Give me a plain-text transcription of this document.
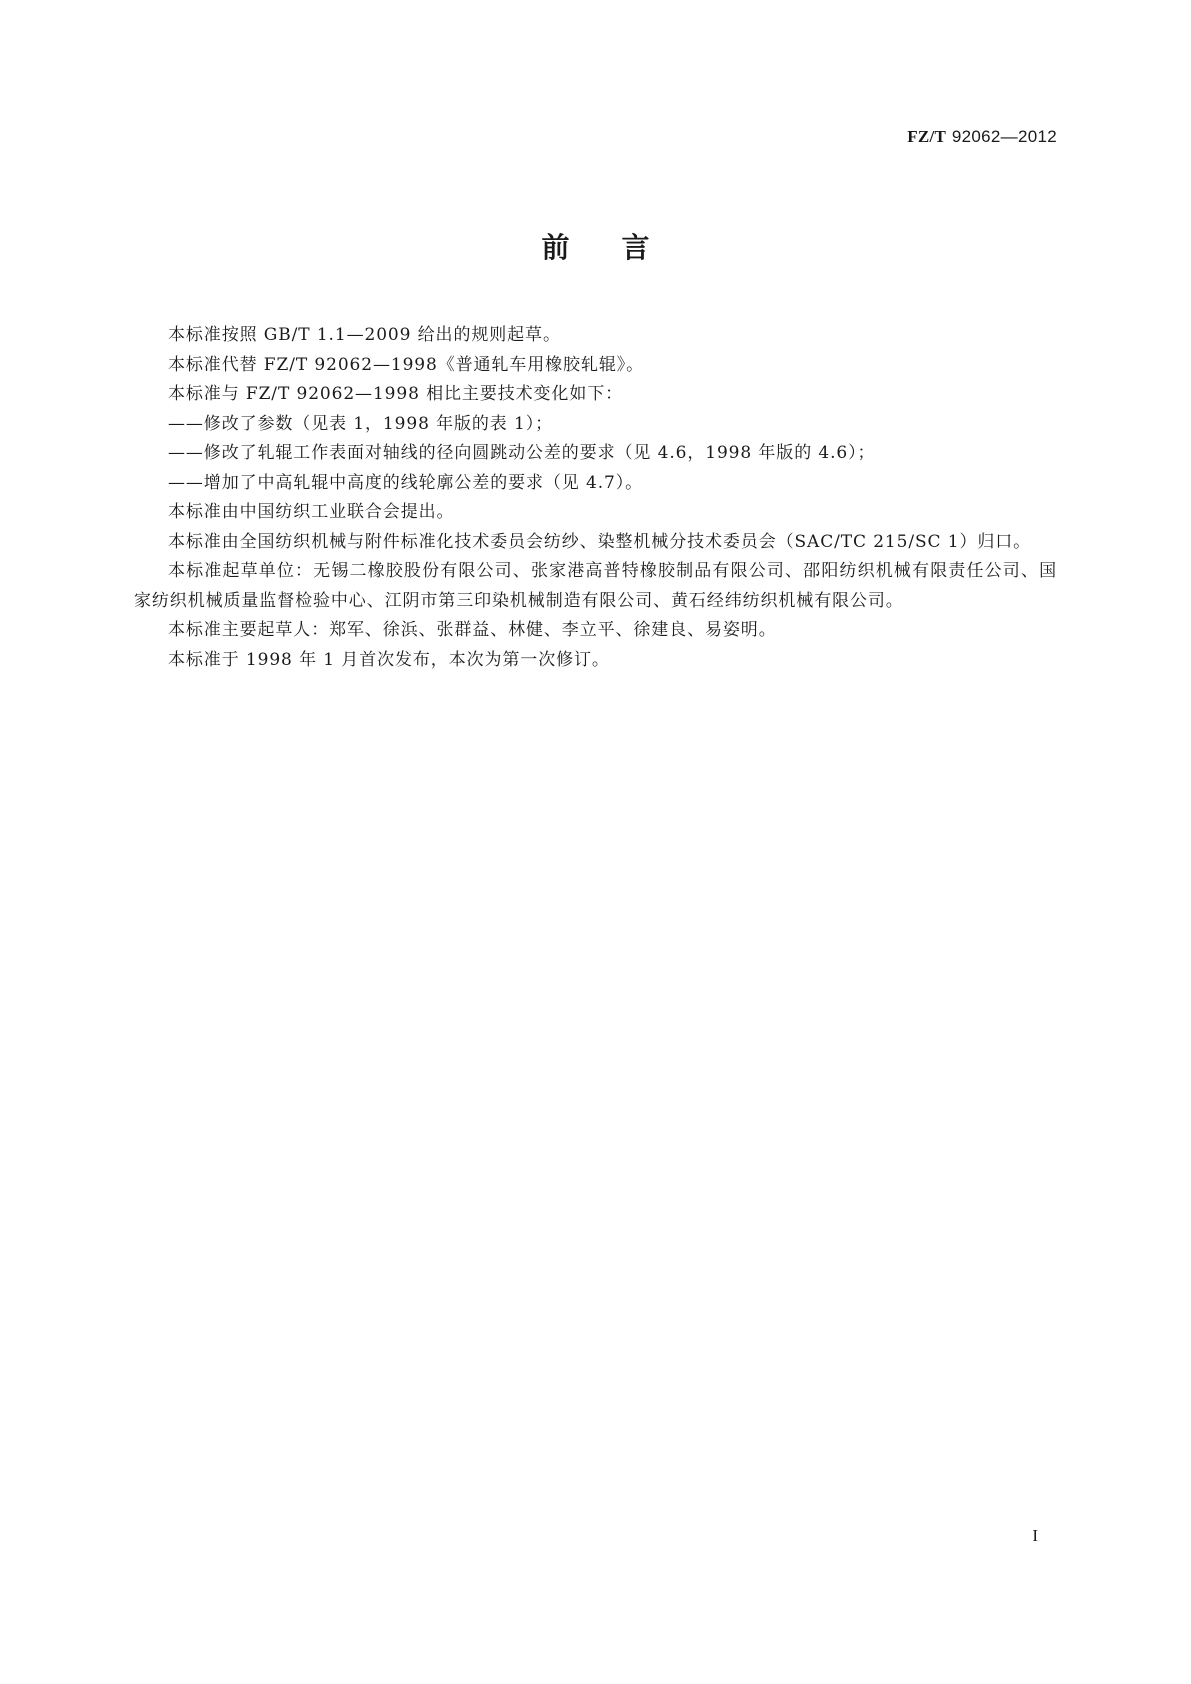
FZ/T 92062—2012
前言

本标准按照 GB/T 1.1—2009 给出的规则起草。

本标准代替 FZ/T 92062—1998《普通轧车用橡胶轧辊》。

本标准与 FZ/T 92062—1998 相比主要技术变化如下：

——修改了参数（见表 1，1998 年版的表 1）；

——修改了轧辊工作表面对轴线的径向圆跳动公差的要求（见 4.6，1998 年版的 4.6）；

——增加了中高轧辊中高度的线轮廓公差的要求（见 4.7）。

本标准由中国纺织工业联合会提出。

本标准由全国纺织机械与附件标准化技术委员会纺纱、染整机械分技术委员会（SAC/TC 215/SC 1）归口。

本标准起草单位：无锡二橡胶股份有限公司、张家港高普特橡胶制品有限公司、邵阳纺织机械有限责任公司、国家纺织机械质量监督检验中心、江阴市第三印染机械制造有限公司、黄石经纬纺织机械有限公司。

本标准主要起草人：郑军、徐浜、张群益、林健、李立平、徐建良、易姿明。

本标准于 1998 年 1 月首次发布，本次为第一次修订。

I
